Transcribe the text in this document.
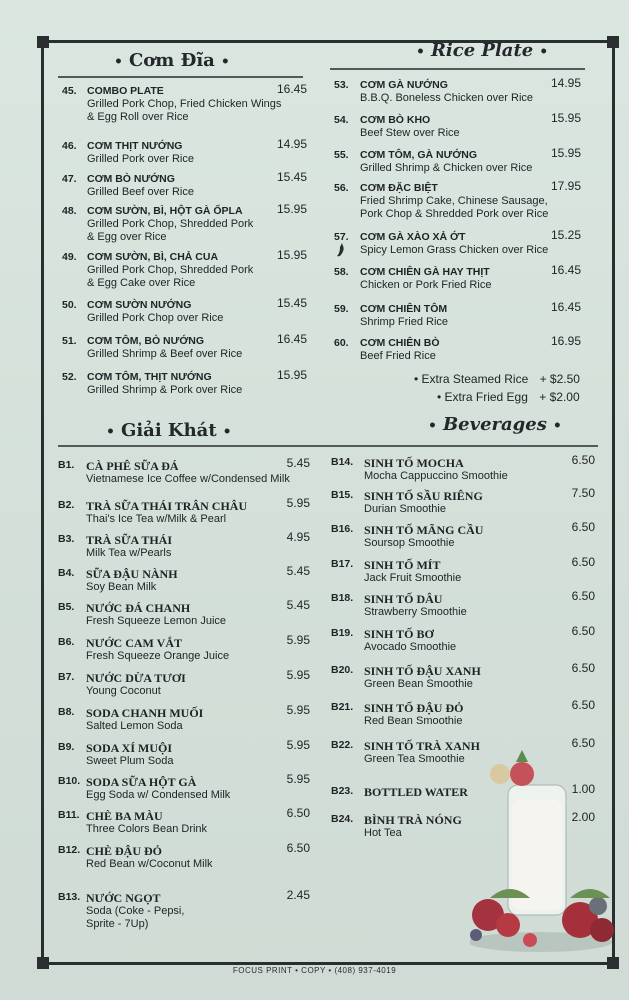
• Cơm Đĩa •
• Rice Plate •
• Giải Khát •	• Beverages •
45. COMBO PLATE	16.45
Grilled Pork Chop, Fried Chicken Wings
& Egg Roll over Rice
46. CƠM THỊT NƯỚNG	14.95
Grilled Pork over Rice
47. CƠM BÒ NƯỚNG	15.45
Grilled Beef over Rice
48. CƠM SƯỜN, BÌ, HỘT GÀ ỐPLA	15.95
Grilled Pork Chop, Shredded Pork
& Egg over Rice
49. CƠM SƯỜN, BÌ, CHẢ CUA	15.95
Grilled Pork Chop, Shredded Pork
& Egg Cake over Rice
50. CƠM SƯỜN NƯỚNG	15.45
Grilled Pork Chop over Rice
51. CƠM TÔM, BÒ NƯỚNG	16.45
Grilled Shrimp & Beef over Rice
52. CƠM TÔM, THỊT NƯỚNG	15.95
Grilled Shrimp & Pork over Rice
53. CƠM GÀ NƯỚNG	14.95
B.B.Q. Boneless Chicken over Rice
54. CƠM BÒ KHO	15.95
Beef Stew over Rice
55. CƠM TÔM, GÀ NƯỚNG	15.95
Grilled Shrimp & Chicken over Rice
56. CƠM ĐẶC BIỆT	17.95
Fried Shrimp Cake, Chinese Sausage,
Pork Chop & Shredded Pork over Rice
57. CƠM GÀ XÀO XẢ ỚT	15.25
Spicy Lemon Grass Chicken over Rice
58. CƠM CHIÊN GÀ HAY THỊT	16.45
Chicken or Pork Fried Rice
59. CƠM CHIÊN TÔM	16.45
Shrimp Fried Rice
60. CƠM CHIÊN BÒ	16.95
Beef Fried Rice
• Extra Steamed Rice + $2.50
• Extra Fried Egg + $2.00
B1. CÀ PHÊ SỮA ĐÁ	5.45
Vietnamese Ice Coffee w/Condensed Milk
B2. TRÀ SỮA THÁI TRÂN CHÂU	5.95
Thai's Ice Tea w/Milk & Pearl
B3. TRÀ SỮA THÁI	4.95
Milk Tea w/Pearls
B4. SỮA ĐẬU NÀNH	5.45
Soy Bean Milk
B5. NƯỚC ĐÁ CHANH	5.45
Fresh Squeeze Lemon Juice
B6. NƯỚC CAM VẮT	5.95
Fresh Squeeze Orange Juice
B7. NƯỚC DỪA TƯƠI	5.95
Young Coconut
B8. SODA CHANH MUỐI	5.95
Salted Lemon Soda
B9. SODA XÍ MUỘI	5.95
Sweet Plum Soda
B10. SODA SỮA HỘT GÀ	5.95
Egg Soda w/ Condensed Milk
B11. CHÈ BA MÀU	6.50
Three Colors Bean Drink
B12. CHÈ ĐẬU ĐỎ	6.50
Red Bean w/Coconut Milk
B13. NƯỚC NGỌT	2.45
Soda (Coke - Pepsi,
Sprite - 7Up)
B14. SINH TỐ MOCHA	6.50
Mocha Cappuccino Smoothie
B15. SINH TỐ SẦU RIÊNG	7.50
Durian Smoothie
B16. SINH TỐ MÃNG CẦU	6.50
Soursop Smoothie
B17. SINH TỐ MÍT	6.50
Jack Fruit Smoothie
B18. SINH TỐ DÂU	6.50
Strawberry Smoothie
B19. SINH TỐ BƠ	6.50
Avocado Smoothie
B20. SINH TỐ ĐẬU XANH	6.50
Green Bean Smoothie
B21. SINH TỐ ĐẬU ĐỎ	6.50
Red Bean Smoothie
B22. SINH TỐ TRÀ XANH	6.50
Green Tea Smoothie
B23. BOTTLED WATER	1.00
B24. BÌNH TRÀ NÓNG	2.00
Hot Tea
FOCUS PRINT • COPY • (408) 937-4019
